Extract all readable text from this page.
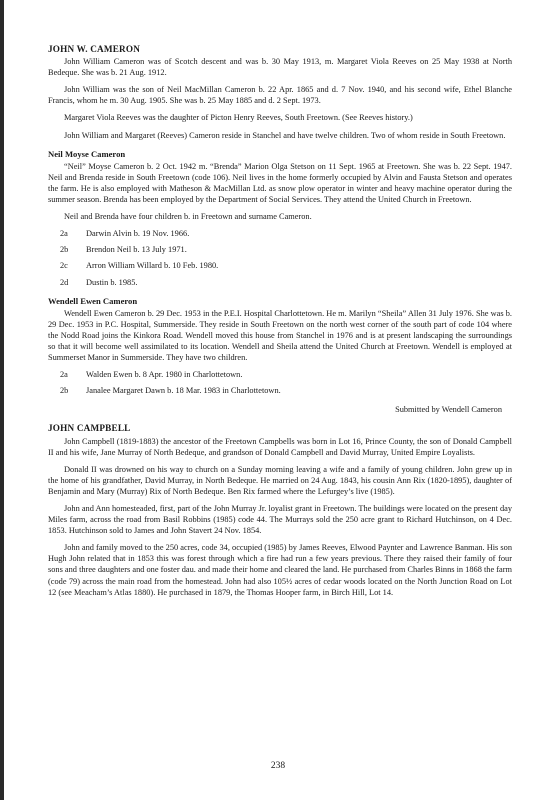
JOHN W. CAMERON

John William Cameron was of Scotch descent and was b. 30 May 1913, m. Margaret Viola Reeves on 25 May 1938 at North Bedeque. She was b. 21 Aug. 1912.

John William was the son of Neil MacMillan Cameron b. 22 Apr. 1865 and d. 7 Nov. 1940, and his second wife, Ethel Blanche Francis, whom he m. 30 Aug. 1905. She was b. 25 May 1885 and d. 2 Sept. 1973.

Margaret Viola Reeves was the daughter of Picton Henry Reeves, South Freetown. (See Reeves history.)

John William and Margaret (Reeves) Cameron reside in Stanchel and have twelve children. Two of whom reside in South Freetown.

Neil Moyse Cameron

“Neil” Moyse Cameron b. 2 Oct. 1942 m. “Brenda” Marion Olga Stetson on 11 Sept. 1965 at Freetown. She was b. 22 Sept. 1947. Neil and Brenda reside in South Freetown (code 106). Neil lives in the home formerly occupied by Alvin and Fausta Stetson and operates the farm. He is also employed with Matheson & MacMillan Ltd. as snow plow operator in winter and heavy machine operator during the summer season. Brenda has been employed by the Department of Social Services. They attend the United Church in Freetown.

Neil and Brenda have four children b. in Freetown and surname Cameron.

2a	Darwin Alvin b. 19 Nov. 1966.
2b	Brendon Neil b. 13 July 1971.
2c	Arron William Willard b. 10 Feb. 1980.
2d	Dustin b. 1985.
Wendell Ewen Cameron

Wendell Ewen Cameron b. 29 Dec. 1953 in the P.E.I. Hospital Charlottetown. He m. Marilyn “Sheila” Allen 31 July 1976. She was b. 29 Dec. 1953 in P.C. Hospital, Summerside. They reside in South Freetown on the north west corner of the south part of code 104 where the Nodd Road joins the Kinkora Road. Wendell moved this house from Stanchel in 1976 and is at present landscaping the surroundings so that it will become well assimilated to its location. Wendell and Sheila attend the United Church at Freetown. Wendell is employed at Summerset Manor in Summerside. They have two children.

2a	Walden Ewen b. 8 Apr. 1980 in Charlottetown.
2b	Janalee Margaret Dawn b. 18 Mar. 1983 in Charlottetown.
Submitted by Wendell Cameron
JOHN CAMPBELL

John Campbell (1819-1883) the ancestor of the Freetown Campbells was born in Lot 16, Prince County, the son of Donald Campbell II and his wife, Jane Murray of North Bedeque, and grandson of Donald Campbell and David Murray, United Empire Loyalists.

Donald II was drowned on his way to church on a Sunday morning leaving a wife and a family of young children. John grew up in the home of his grandfather, David Murray, in North Bedeque. He married on 24 Aug. 1843, his cousin Ann Rix (1820-1895), daughter of Benjamin and Mary (Murray) Rix of North Bedeque. Ben Rix farmed where the Lefurgey’s live (1985).

John and Ann homesteaded, first, part of the John Murray Jr. loyalist grant in Freetown. The buildings were located on the present day Miles farm, across the road from Basil Robbins (1985) code 44. The Murrays sold the 250 acre grant to Richard Hutchinson, on 4 Dec. 1853. Hutchinson sold to James and John Stavert 24 Nov. 1854.

John and family moved to the 250 acres, code 34, occupied (1985) by James Reeves, Elwood Paynter and Lawrence Banman. His son Hugh John related that in 1853 this was forest through which a fire had run a few years previous. There they raised their family of four sons and three daughters and one foster dau. and made their home and cleared the land. He purchased from Charles Binns in 1868 the farm (code 79) across the main road from the homestead. John had also 105½ acres of cedar woods located on the North Junction Road on Lot 12 (see Meacham’s Atlas 1880). He purchased in 1879, the Thomas Hooper farm, in Birch Hill, Lot 14.

238
